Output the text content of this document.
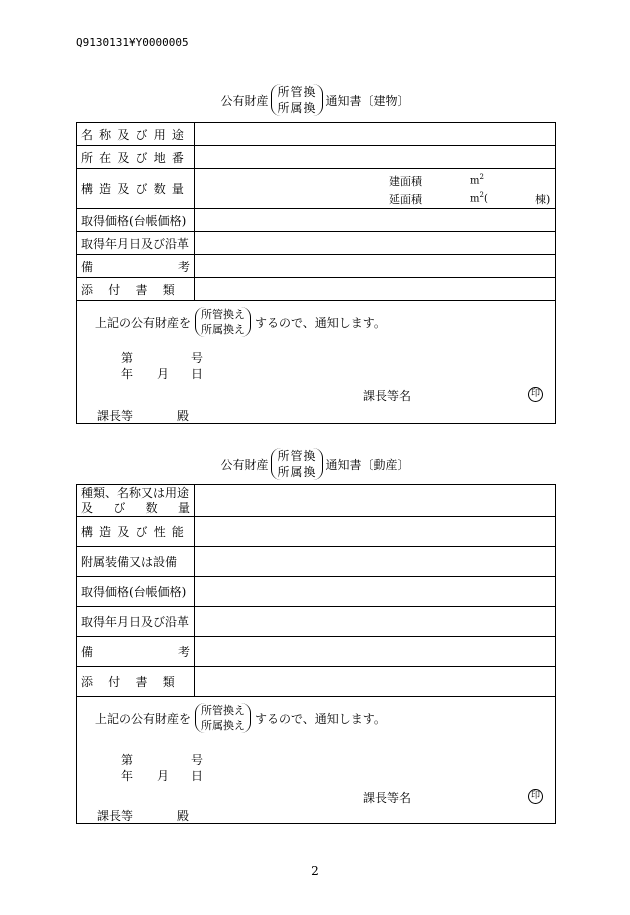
Q9130131¥Y0000005
公有財産
所管換
所属換
通知書〔建物〕
名 称 及 び 用 途
所 在 及 び 地 番
構 造 及 び 数 量
建面積	$m^2$
延面積	$m^2$(	棟)
取得価格(台帳価格)
取得年月日及び沿革
備	考
添	付	書	類
上記の公有財産を
所管換え
所属換え するので、通知します。
第	号
年 月 日
課長等名	印
課長等	殿
公有財産
所管換
所属換
通知書〔動産〕
種類、名称又は用途
及 び 数 量
構 造 及 び 性 能
附属装備又は設備
取得価格(台帳価格)
取得年月日及び沿革
備	考
添	付	書	類
上記の公有財産を
所管換え
所属換え するので、通知します。
第	号
年 月 日
課長等名	印
課長等	殿
2
